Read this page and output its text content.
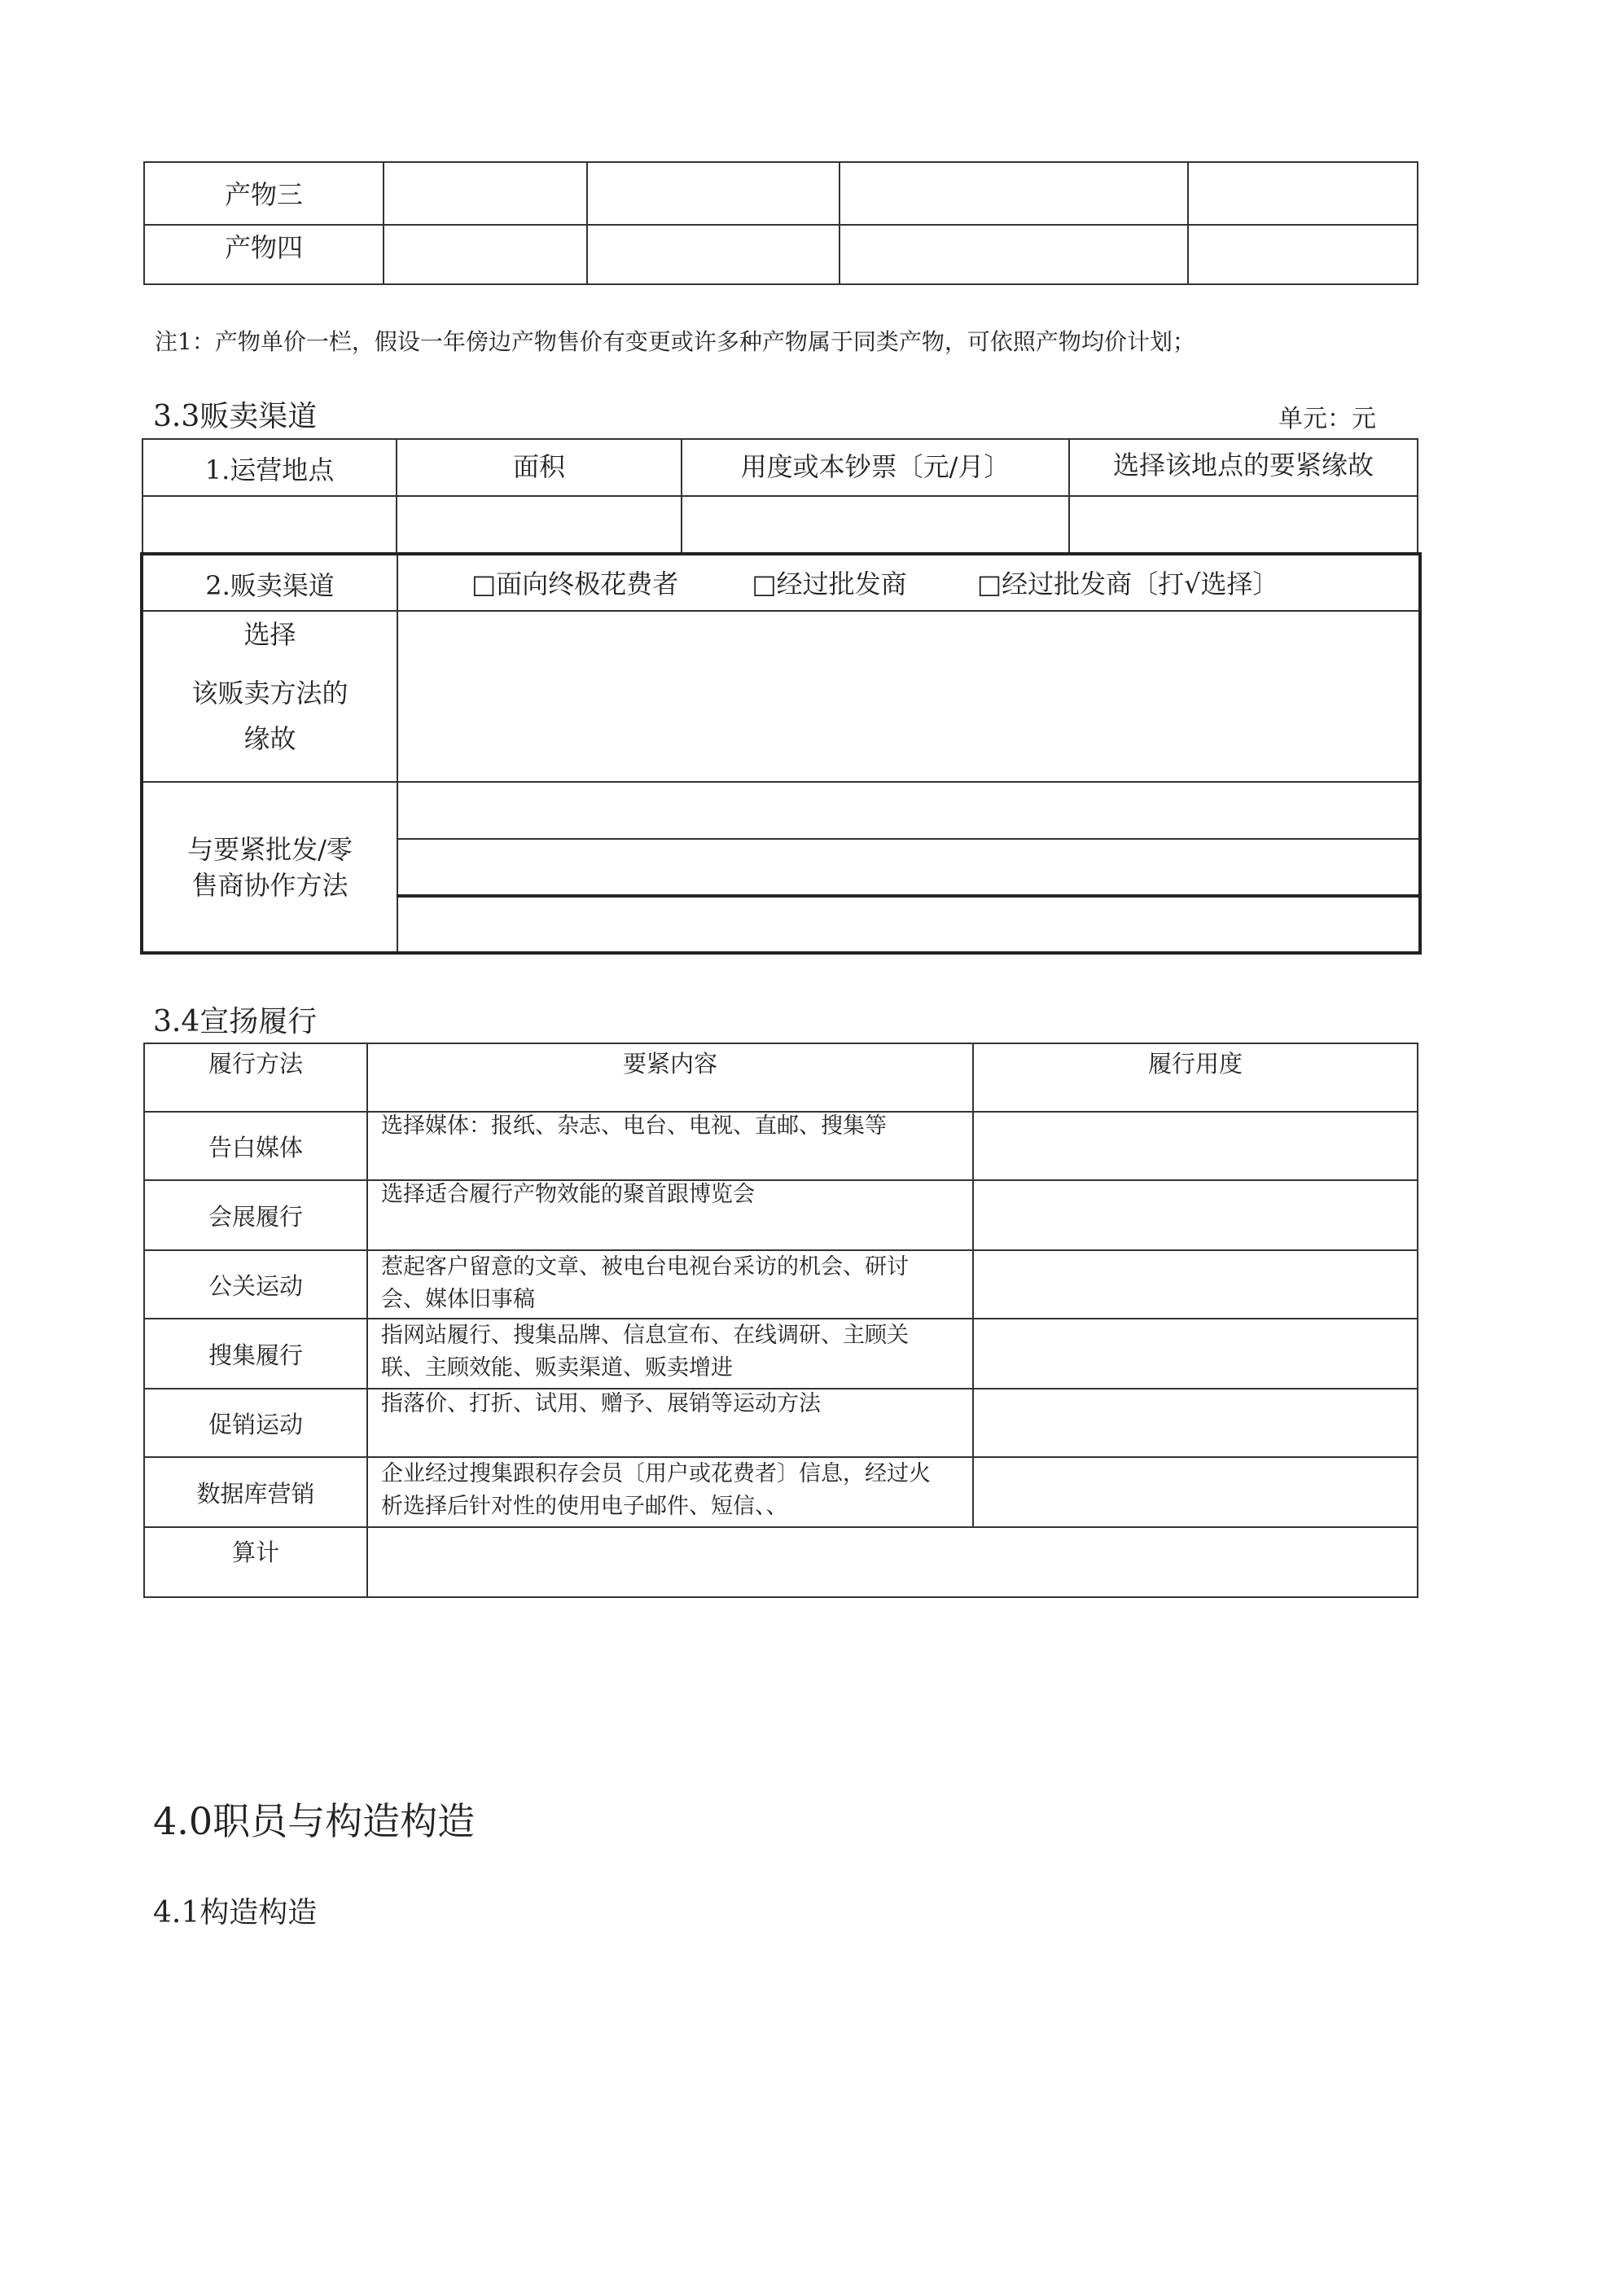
产物三				
产物四				
注1：产物单价一栏，假设一年傍边产物售价有变更或许多种产物属于同类产物，可依照产物均价计划；
3.3贩卖渠道	单元：元
1.运营地点	面积	用度或本钞票〔元/月〕	选择该地点的要紧缘故

2.贩卖渠道	□面向终极花费者 □经过批发商 □经过批发商〔打√选择〕

选择
该贩卖方法的
缘故	

与要紧批发/零
售商协作方法	

3.4宣扬履行
履行方法	要紧内容	履行用度
告白媒体	选择媒体：报纸、杂志、电台、电视、直邮、搜集等	
会展履行	选择适合履行产物效能的聚首跟博览会	
公关运动	惹起客户留意的文章、被电台电视台采访的机会、研讨会、媒体旧事稿	
搜集履行	指网站履行、搜集品牌、信息宣布、在线调研、主顾关联、主顾效能、贩卖渠道、贩卖增进	
促销运动	指落价、打折、试用、赠予、展销等运动方法	
数据库营销	企业经过搜集跟积存会员〔用户或花费者〕信息，经过火析选择后针对性的使用电子邮件、短信、、	
算计		
4.0职员与构造构造
4.1构造构造
